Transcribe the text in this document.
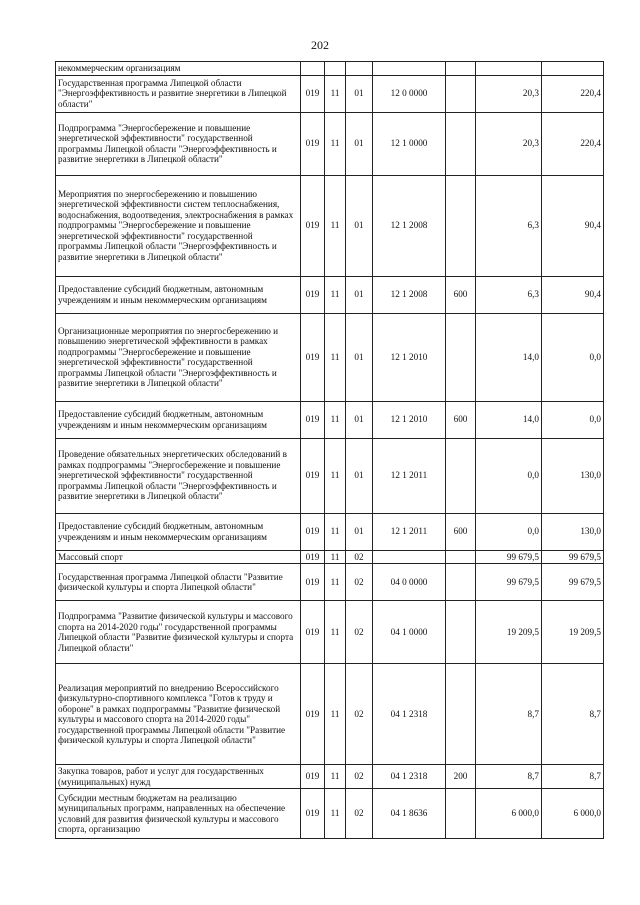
202
некоммерческим организациям							
Государственная программа Липецкой области "Энергоэффективность и развитие энергетики в Липецкой области"	019	11	01	12 0 0000		20,3	220,4
Подпрограмма "Энергосбережение и повышение энергетической эффективности" государственной программы Липецкой области "Энергоэффективность и развитие энергетики в Липецкой области"	019	11	01	12 1 0000		20,3	220,4
Мероприятия по энергосбережению и повышению энергетической эффективности систем теплоснабжения, водоснабжения, водоотведения, электроснабжения в рамках подпрограммы "Энергосбережение и повышение энергетической эффективности" государственной программы Липецкой области "Энергоэффективность и развитие энергетики в Липецкой области"	019	11	01	12 1 2008		6,3	90,4
Предоставление субсидий бюджетным, автономным учреждениям и иным некоммерческим организациям	019	11	01	12 1 2008	600	6,3	90,4
Организационные мероприятия по энергосбережению и повышению энергетической эффективности в рамках подпрограммы "Энергосбережение и повышение энергетической эффективности" государственной программы Липецкой области "Энергоэффективность и развитие энергетики в Липецкой области"	019	11	01	12 1 2010		14,0	0,0
Предоставление субсидий бюджетным, автономным учреждениям и иным некоммерческим организациям	019	11	01	12 1 2010	600	14,0	0,0
Проведение обязательных энергетических обследований в рамках подпрограммы "Энергосбережение и повышение энергетической эффективности" государственной программы Липецкой области "Энергоэффективность и развитие энергетики в Липецкой области"	019	11	01	12 1 2011		0,0	130,0
Предоставление субсидий бюджетным, автономным учреждениям и иным некоммерческим организациям	019	11	01	12 1 2011	600	0,0	130,0
Массовый спорт	019	11	02			99 679,5	99 679,5
Государственная программа Липецкой области "Развитие физической культуры и спорта Липецкой области"	019	11	02	04 0 0000		99 679,5	99 679,5
Подпрограмма "Развитие физической культуры и массового спорта на 2014-2020 годы" государственной программы Липецкой области "Развитие физической культуры и спорта Липецкой области"	019	11	02	04 1 0000		19 209,5	19 209,5
Реализация мероприятий по внедрению Всероссийского физкультурно-спортивного комплекса "Готов к труду и обороне" в рамках подпрограммы "Развитие физической культуры и массового спорта на 2014-2020 годы" государственной программы Липецкой области "Развитие физической культуры и спорта Липецкой области"	019	11	02	04 1 2318		8,7	8,7
Закупка товаров, работ и услуг для государственных (муниципальных) нужд	019	11	02	04 1 2318	200	8,7	8,7
Субсидии местным бюджетам на реализацию муниципальных программ, направленных на обеспечение условий для развития физической культуры и массового спорта, организацию	019	11	02	04 1 8636		6 000,0	6 000,0
